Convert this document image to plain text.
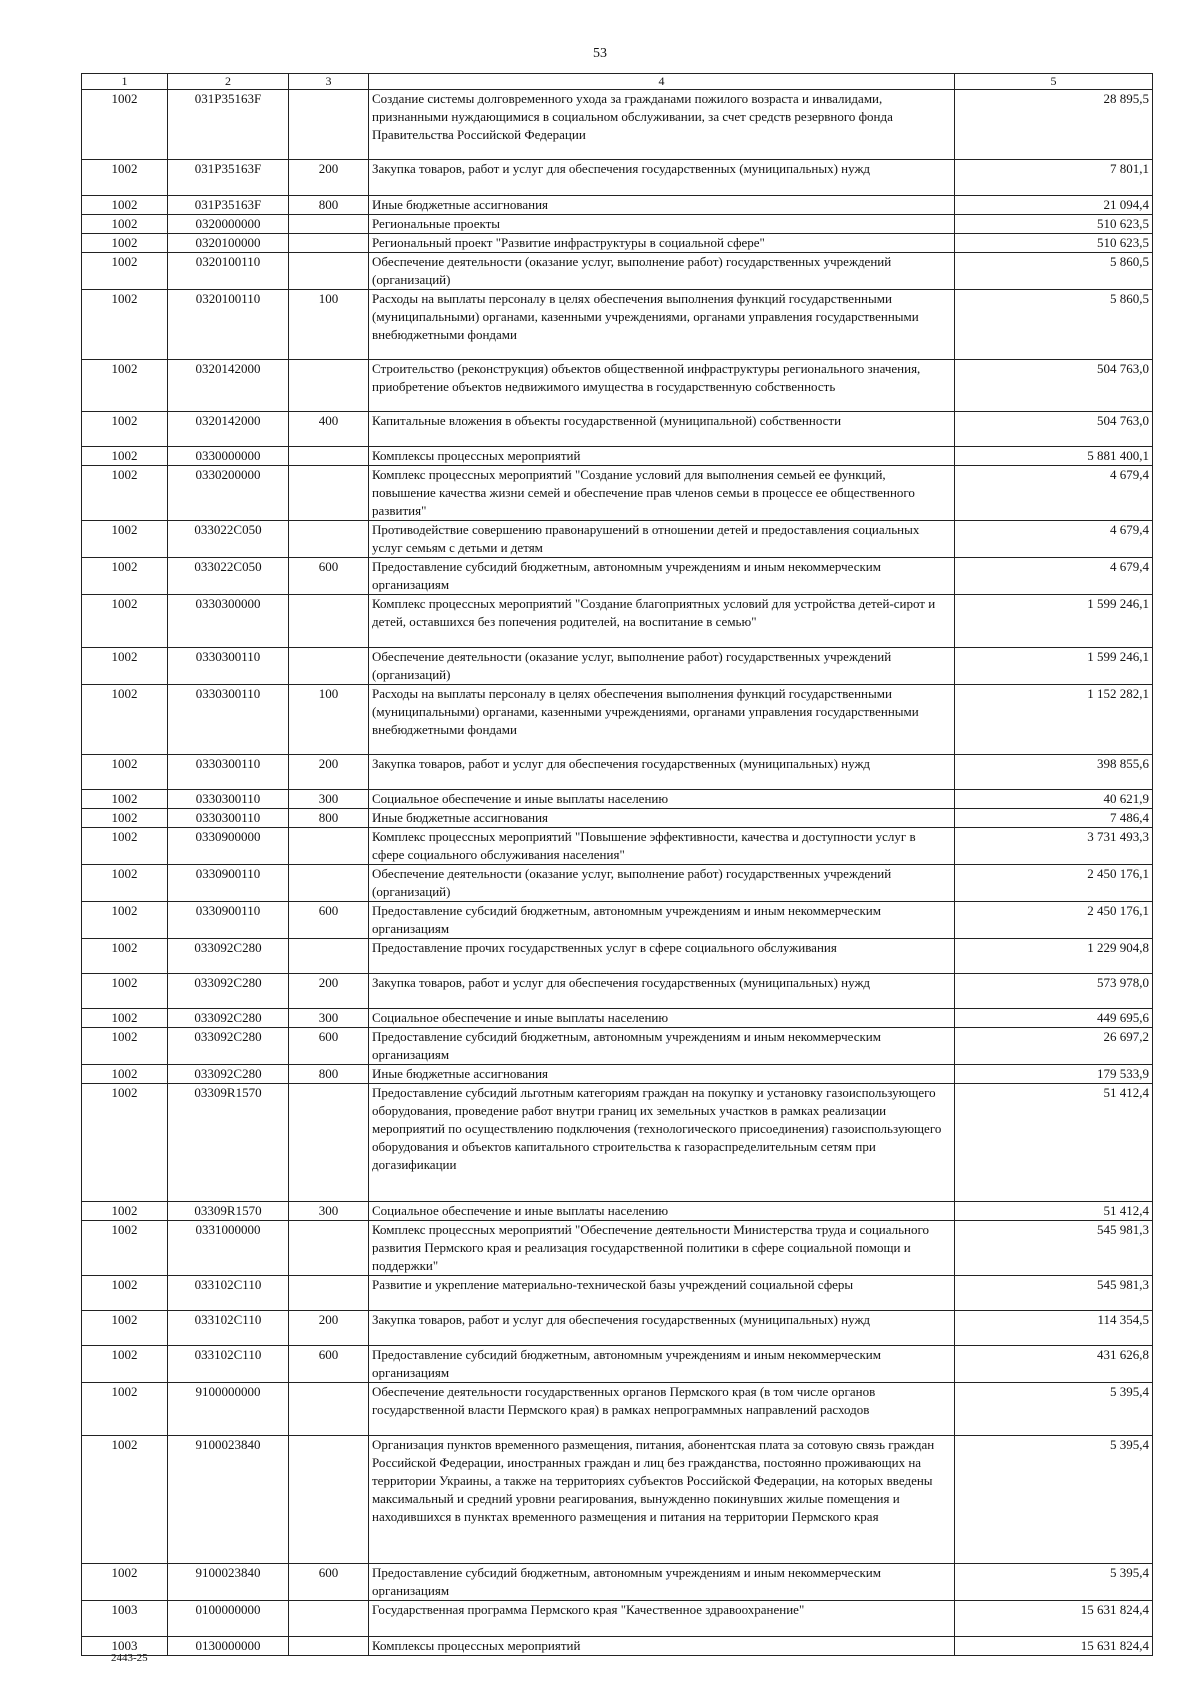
53
1	2	3	4	5
1002	031P35163F		Создание системы долговременного ухода за гражданами пожилого возраста и инвалидами, признанными нуждающимися в социальном обслуживании, за счет средств резервного фонда Правительства Российской Федерации	28 895,5
1002	031P35163F	200	Закупка товаров, работ и услуг для обеспечения государственных (муниципальных) нужд	7 801,1
1002	031P35163F	800	Иные бюджетные ассигнования	21 094,4
1002	0320000000		Региональные проекты	510 623,5
1002	0320100000		Региональный проект "Развитие инфраструктуры в социальной сфере"	510 623,5
1002	0320100110		Обеспечение деятельности (оказание услуг, выполнение работ) государственных учреждений (организаций)	5 860,5
1002	0320100110	100	Расходы на выплаты персоналу в целях обеспечения выполнения функций государственными (муниципальными) органами, казенными учреждениями, органами управления государственными внебюджетными фондами	5 860,5
1002	0320142000		Строительство (реконструкция) объектов общественной инфраструктуры регионального значения, приобретение объектов недвижимого имущества в государственную собственность	504 763,0
1002	0320142000	400	Капитальные вложения в объекты государственной (муниципальной) собственности	504 763,0
1002	0330000000		Комплексы процессных мероприятий	5 881 400,1
1002	0330200000		Комплекс процессных мероприятий "Создание условий для выполнения семьей ее функций, повышение качества жизни семей и обеспечение прав членов семьи в процессе ее общественного развития"	4 679,4
1002	033022C050		Противодействие совершению правонарушений в отношении детей и предоставления социальных услуг семьям с детьми и детям	4 679,4
1002	033022C050	600	Предоставление субсидий бюджетным, автономным учреждениям и иным некоммерческим организациям	4 679,4
1002	0330300000		Комплекс процессных мероприятий "Создание благоприятных условий для устройства детей-сирот и детей, оставшихся без попечения родителей, на воспитание в семью"	1 599 246,1
1002	0330300110		Обеспечение деятельности (оказание услуг, выполнение работ) государственных учреждений (организаций)	1 599 246,1
1002	0330300110	100	Расходы на выплаты персоналу в целях обеспечения выполнения функций государственными (муниципальными) органами, казенными учреждениями, органами управления государственными внебюджетными фондами	1 152 282,1
1002	0330300110	200	Закупка товаров, работ и услуг для обеспечения государственных (муниципальных) нужд	398 855,6
1002	0330300110	300	Социальное обеспечение и иные выплаты населению	40 621,9
1002	0330300110	800	Иные бюджетные ассигнования	7 486,4
1002	0330900000		Комплекс процессных мероприятий "Повышение эффективности, качества и доступности услуг в сфере социального обслуживания населения"	3 731 493,3
1002	0330900110		Обеспечение деятельности (оказание услуг, выполнение работ) государственных учреждений (организаций)	2 450 176,1
1002	0330900110	600	Предоставление субсидий бюджетным, автономным учреждениям и иным некоммерческим организациям	2 450 176,1
1002	033092C280		Предоставление прочих государственных услуг в сфере социального обслуживания	1 229 904,8
1002	033092C280	200	Закупка товаров, работ и услуг для обеспечения государственных (муниципальных) нужд	573 978,0
1002	033092C280	300	Социальное обеспечение и иные выплаты населению	449 695,6
1002	033092C280	600	Предоставление субсидий бюджетным, автономным учреждениям и иным некоммерческим организациям	26 697,2
1002	033092C280	800	Иные бюджетные ассигнования	179 533,9
1002	03309R1570		Предоставление субсидий льготным категориям граждан на покупку и установку газоиспользующего оборудования, проведение работ внутри границ их земельных участков в рамках реализации мероприятий по осуществлению подключения (технологического присоединения) газоиспользующего оборудования и объектов капитального строительства к газораспределительным сетям при догазификации	51 412,4
1002	03309R1570	300	Социальное обеспечение и иные выплаты населению	51 412,4
1002	0331000000		Комплекс процессных мероприятий "Обеспечение деятельности Министерства труда и социального развития Пермского края и реализация государственной политики в сфере социальной помощи и поддержки"	545 981,3
1002	033102C110		Развитие и укрепление материально-технической базы учреждений социальной сферы	545 981,3
1002	033102C110	200	Закупка товаров, работ и услуг для обеспечения государственных (муниципальных) нужд	114 354,5
1002	033102C110	600	Предоставление субсидий бюджетным, автономным учреждениям и иным некоммерческим организациям	431 626,8
1002	9100000000		Обеспечение деятельности государственных органов Пермского края (в том числе органов государственной власти Пермского края) в рамках непрограммных направлений расходов	5 395,4
1002	9100023840		Организация пунктов временного размещения, питания, абонентская плата за сотовую связь граждан Российской Федерации, иностранных граждан и лиц без гражданства, постоянно проживающих на территории Украины, а также на территориях субъектов Российской Федерации, на которых введены максимальный и средний уровни реагирования, вынужденно покинувших жилые помещения и находившихся в пунктах временного размещения и питания на территории Пермского края	5 395,4
1002	9100023840	600	Предоставление субсидий бюджетным, автономным учреждениям и иным некоммерческим организациям	5 395,4
1003	0100000000		Государственная программа Пермского края "Качественное здравоохранение"	15 631 824,4
1003	0130000000		Комплексы процессных мероприятий	15 631 824,4
2443-25
